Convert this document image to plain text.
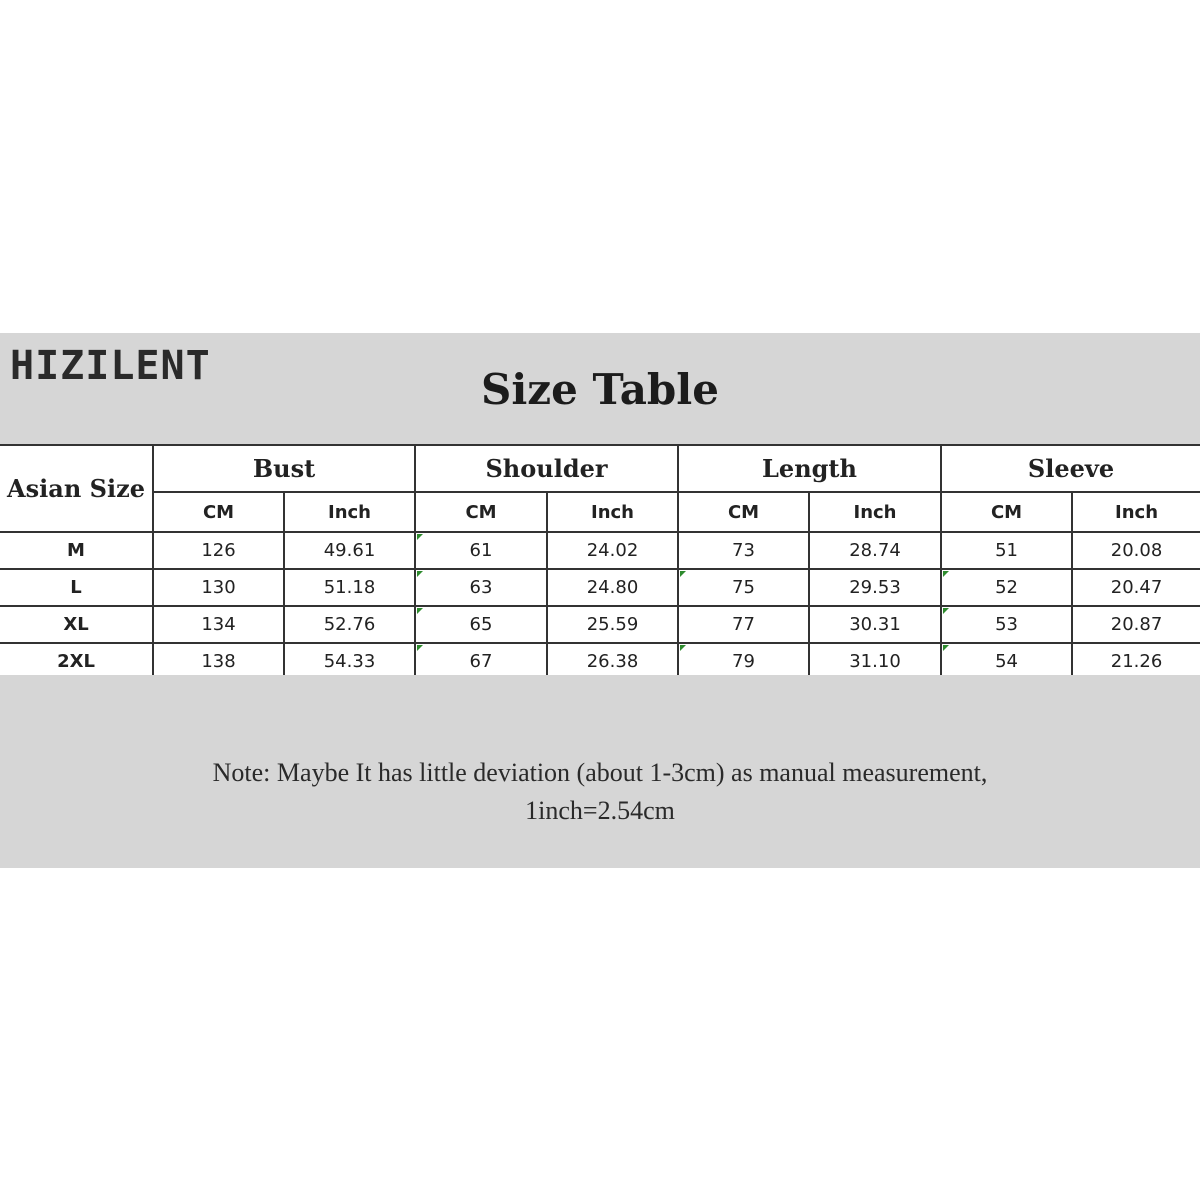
HIZILENT	Size Table
Asian Size	Bust		Shoulder		Length		Sleeve	
	CM	Inch	CM	Inch	CM	Inch	CM	Inch
M	126	49.61	61	24.02	73	28.74	51	20.08
L	130	51.18	63	24.80	75	29.53	52	20.47
XL	134	52.76	65	25.59	77	30.31	53	20.87
2XL	138	54.33	67	26.38	79	31.10	54	21.26
Note: Maybe It has little deviation (about 1-3cm) as manual measurement,
1inch=2.54cm
